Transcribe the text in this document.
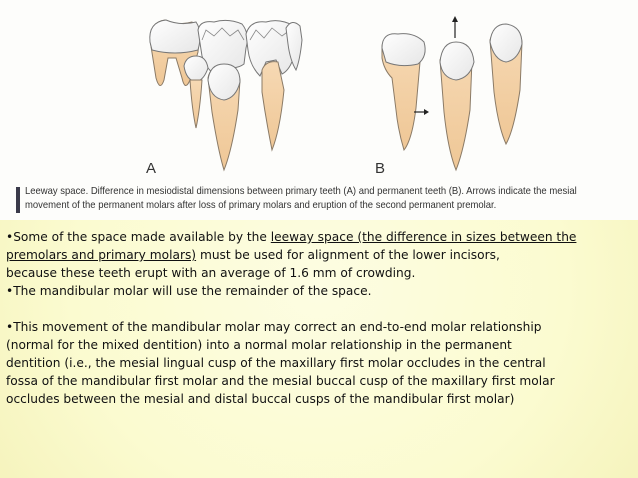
A	B
Leeway space. Difference in mesiodistal dimensions between primary teeth (A) and permanent teeth (B). Arrows indicate the mesial
movement of the permanent molars after loss of primary molars and eruption of the second permanent premolar.
•Some of the space made available by the leeway space (the difference in sizes between the
premolars and primary molars) must be used for alignment of the lower incisors,
because these teeth erupt with an average of 1.6 mm of crowding.
•The mandibular molar will use the remainder of the space.
•This movement of the mandibular molar may correct an end-to-end molar relationship
(normal for the mixed dentition) into a normal molar relationship in the permanent
dentition (i.e., the mesial lingual cusp of the maxillary first molar occludes in the central
fossa of the mandibular first molar and the mesial buccal cusp of the maxillary first molar
occludes between the mesial and distal buccal cusps of the mandibular first molar)
